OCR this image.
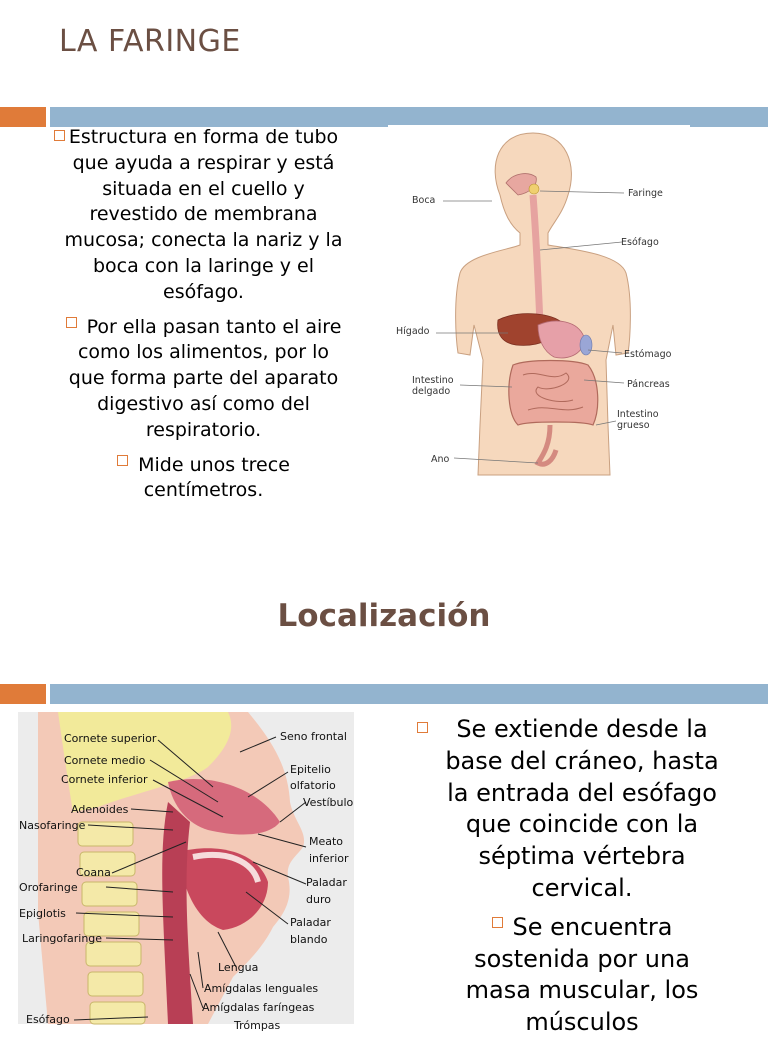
LA FARINGE

Estructura en forma de tubo que ayuda a respirar y está situada en el cuello y revestido de membrana mucosa; conecta la nariz y la boca con la laringe y el esófago.

Por ella pasan tanto el aire como los alimentos, por lo que forma parte del aparato digestivo así como del respiratorio.

Mide unos trece centímetros.

Boca
Faringe
Esófago
Hígado
Estómago
Intestino
delgado
Páncreas
Intestino
grueso
Ano
Localización
Cornete superior
Cornete medio
Cornete inferior
Adenoides
Nasofaringe
Coana
Orofaringe
Epiglotis
Laringofaringe
Esófago
Seno frontal
Epitelio
olfatorio
Vestíbulo
Meato
inferior
Paladar
duro
Paladar
blando
Lengua
Amígdalas lenguales
Amígdalas faríngeas
Trómpas

Se extiende desde la base del cráneo, hasta la entrada del esófago que coincide con la séptima vértebra cervical.

Se encuentra sostenida por una masa muscular, los músculos
